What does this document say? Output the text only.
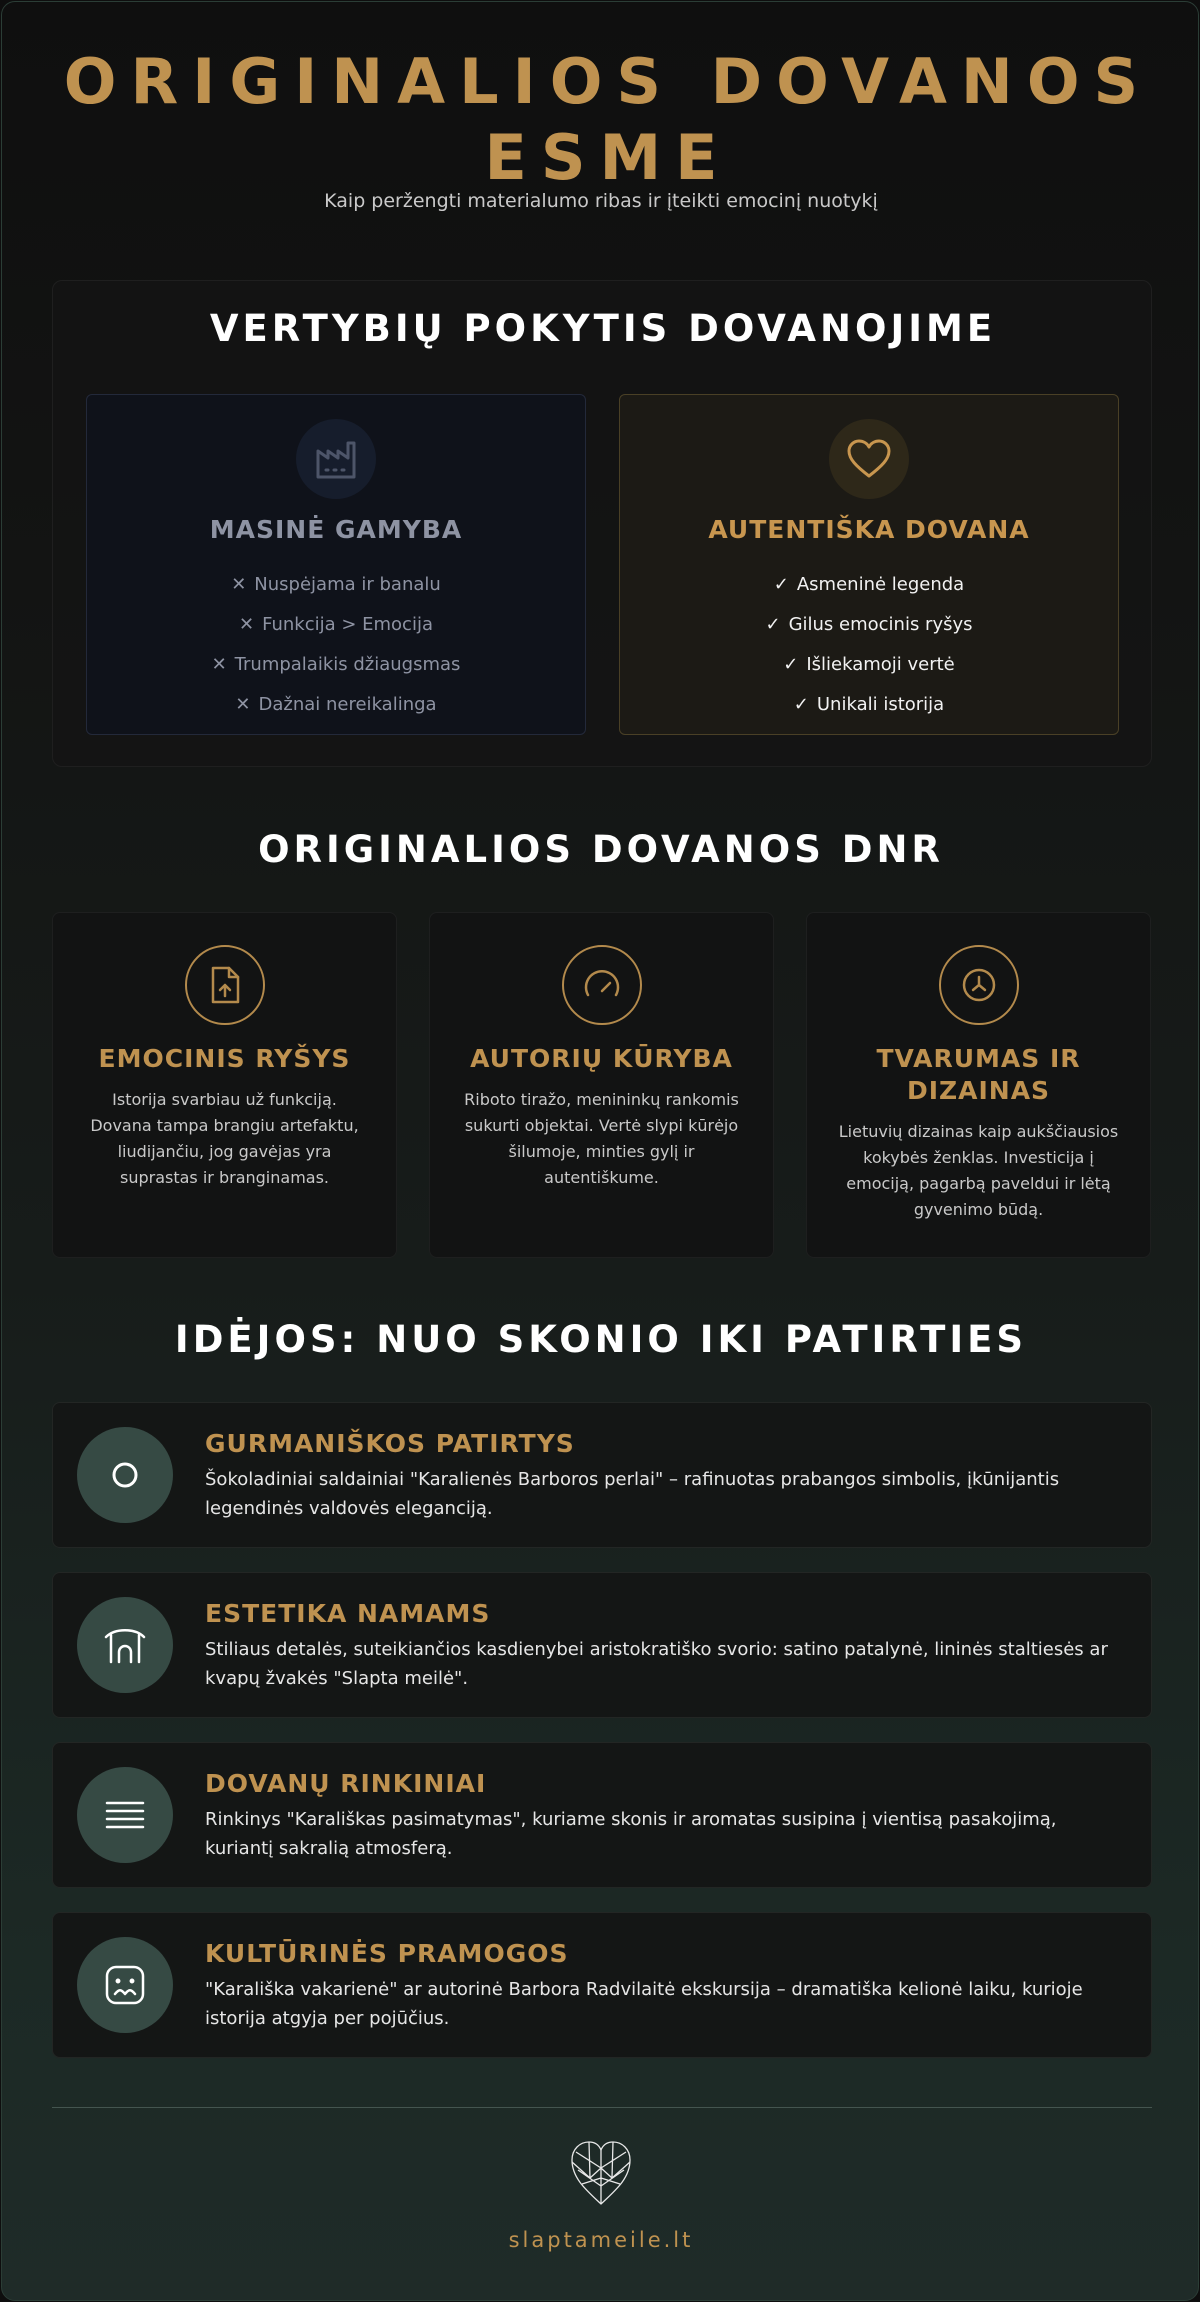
ORIGINALIOS DOVANOS
ESME

Kaip peržengti materialumo ribas ir įteikti emocinį nuotykį

VERTYBIŲ POKYTIS DOVANOJIME
MASINĖ GAMYBA
✕ Nuspėjama ir banalu
✕ Funkcija > Emocija
✕ Trumpalaikis džiaugsmas
✕ Dažnai nereikalinga
AUTENTIŠKA DOVANA
✓ Asmeninė legenda
✓ Gilus emocinis ryšys
✓ Išliekamoji vertė
✓ Unikali istorija
ORIGINALIOS DOVANOS DNR
EMOCINIS RYŠYS

Istorija svarbiau už funkciją. Dovana tampa brangiu artefaktu, liudijančiu, jog gavėjas yra suprastas ir branginamas.

AUTORIŲ KŪRYBA

Riboto tiražo, menininkų rankomis sukurti objektai. Vertė slypi kūrėjo šilumoje, minties gylį ir autentiškume.

TVARUMAS IR DIZAINAS

Lietuvių dizainas kaip aukščiausios kokybės ženklas. Investicija į emociją, pagarbą paveldui ir lėtą gyvenimo būdą.

IDĖJOS: NUO SKONIO IKI PATIRTIES
GURMANIŠKOS PATIRTYS

Šokoladiniai saldainiai "Karalienės Barboros perlai" – rafinuotas prabangos simbolis, įkūnijantis legendinės valdovės eleganciją.

ESTETIKA NAMAMS

Stiliaus detalės, suteikiančios kasdienybei aristokratiško svorio: satino patalynė, lininės staltiesės ar kvapų žvakės "Slapta meilė".

DOVANŲ RINKINIAI

Rinkinys "Karališkas pasimatymas", kuriame skonis ir aromatas susipina į vientisą pasakojimą, kuriantį sakralią atmosferą.

KULTŪRINĖS PRAMOGOS

"Karališka vakarienė" ar autorinė Barbora Radvilaitė ekskursija – dramatiška kelionė laiku, kurioje istorija atgyja per pojūčius.

slaptameile.lt
